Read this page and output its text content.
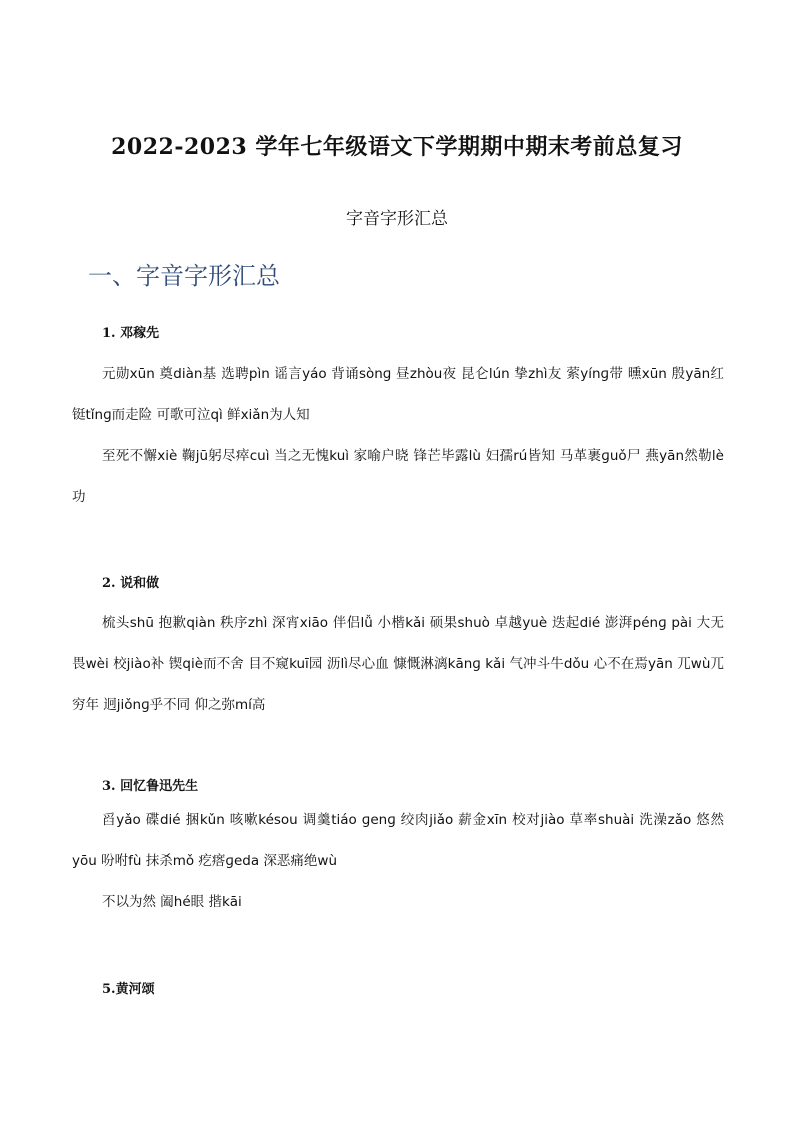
2022-2023 学年七年级语文下学期期中期末考前总复习

字音字形汇总

一、字音字形汇总
1. 邓稼先

元勋xūn 奠diàn基 选聘pìn 谣言yáo 背诵sònɡ 昼zhòu夜 昆仑lún 挚zhì友 萦yínɡ带 曛xūn 殷yān红 铤tǐnɡ而走险 可歌可泣qì 鲜xiǎn为人知

至死不懈xiè 鞠jū躬尽瘁cuì 当之无愧kuì 家喻户晓 锋芒毕露lù 妇孺rú皆知 马革裹ɡuǒ尸 燕yān然勒lè功

2. 说和做

梳头shū 抱歉qiàn 秩序zhì 深宵xiāo 伴侣lǚ 小楷kǎi 硕果shuò 卓越yuè 迭起dié 澎湃pénɡ pài 大无畏wèi 校jiào补 锲qiè而不舍 目不窥kuī园 沥lì尽心血 慷慨淋漓kānɡ kǎi 气冲斗牛dǒu 心不在焉yān 兀wù兀穷年 迥jiǒnɡ乎不同 仰之弥mí高

3. 回忆鲁迅先生

舀yǎo 碟dié 捆kǔn 咳嗽késou 调羹tiáo ɡenɡ 绞肉jiǎo 薪金xīn 校对jiào 草率shuài 洗澡zǎo 悠然yōu 吩咐fù 抹杀mǒ 疙瘩ɡeda 深恶痛绝wù

不以为然 阖hé眼 揩kāi

5.黄河颂
